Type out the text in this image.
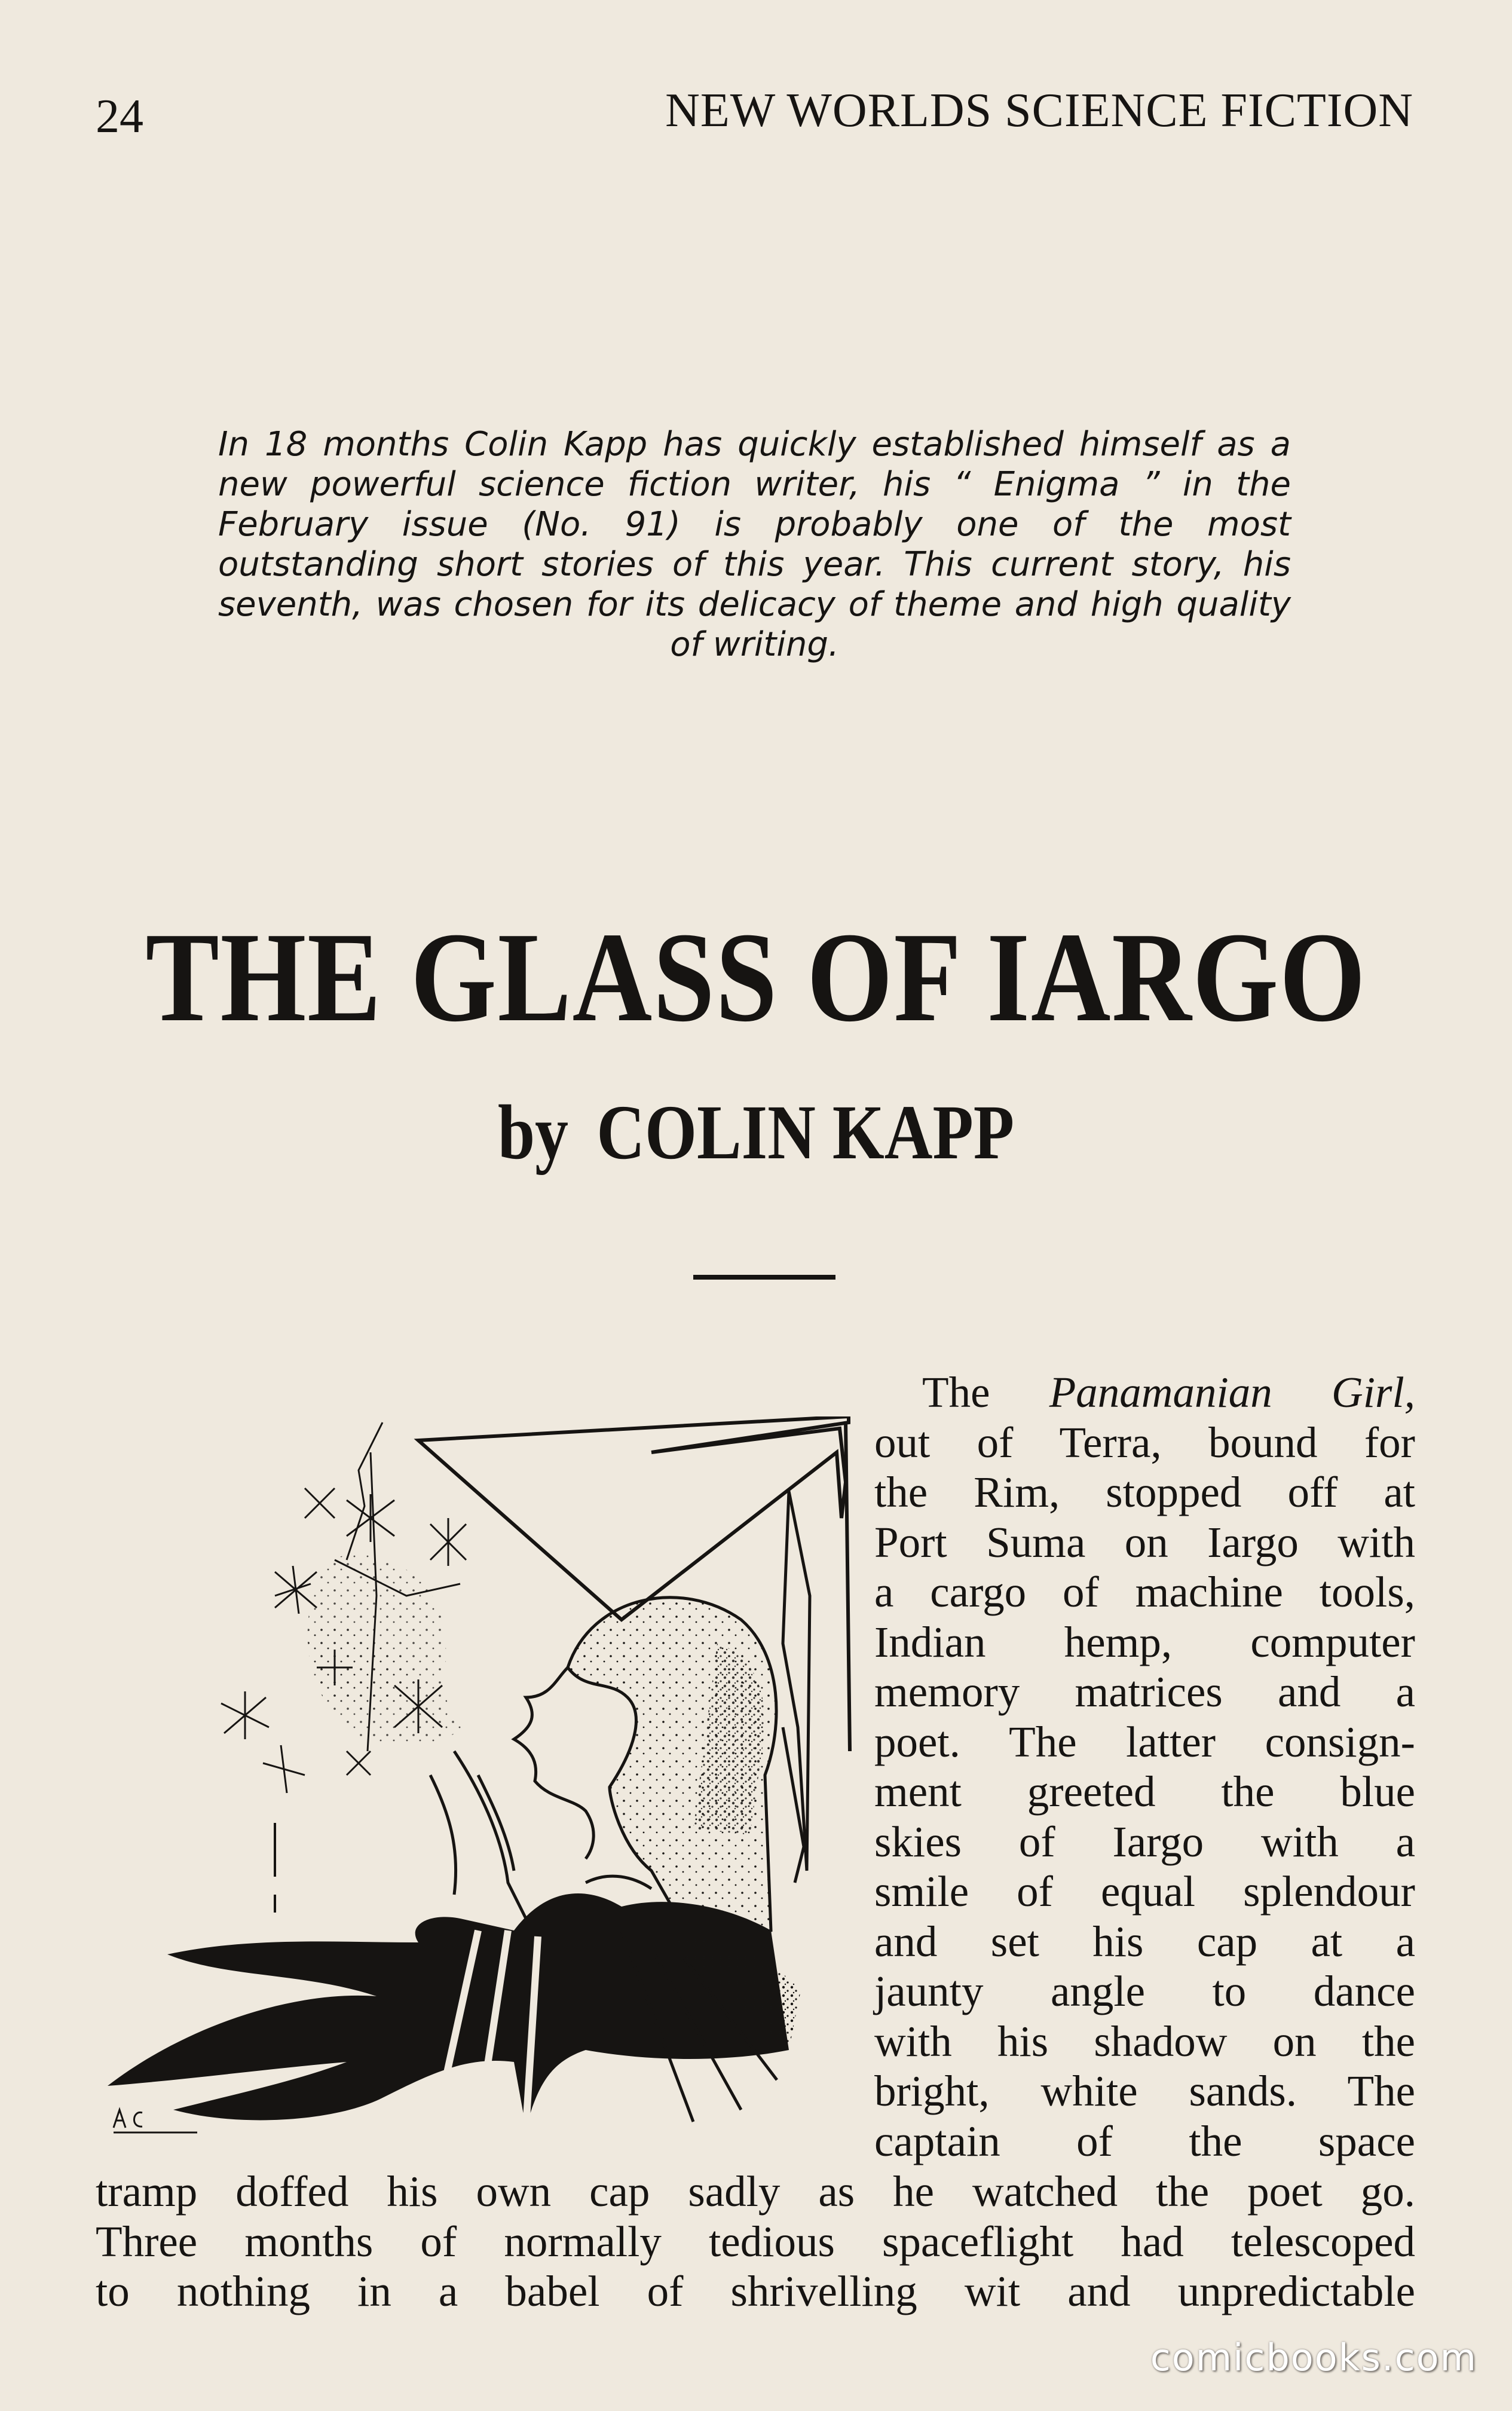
24	NEW WORLDS SCIENCE FICTION

In 18 months Colin Kapp has quickly established himself as a new powerful science fiction writer, his “ Enigma ” in the February issue (No. 91) is probably one of the most outstanding short stories of this year. This current story, his seventh, was chosen for its delicacy of theme and high quality of writing.

THE GLASS OF IARGO
by COLIN KAPP
The Panamanian Girl,
out of Terra, bound for
the Rim, stopped off at
Port Suma on Iargo with
a cargo of machine tools,
Indian hemp, computer
memory matrices and a
poet. The latter consign-
ment greeted the blue
skies of Iargo with a
smile of equal splendour
and set his cap at a
jaunty angle to dance
with his shadow on the
bright, white sands. The
captain of the space
tramp doffed his own cap sadly as he watched the poet go.
Three months of normally tedious spaceflight had telescoped
to nothing in a babel of shrivelling wit and unpredictable
comicbooks.com
